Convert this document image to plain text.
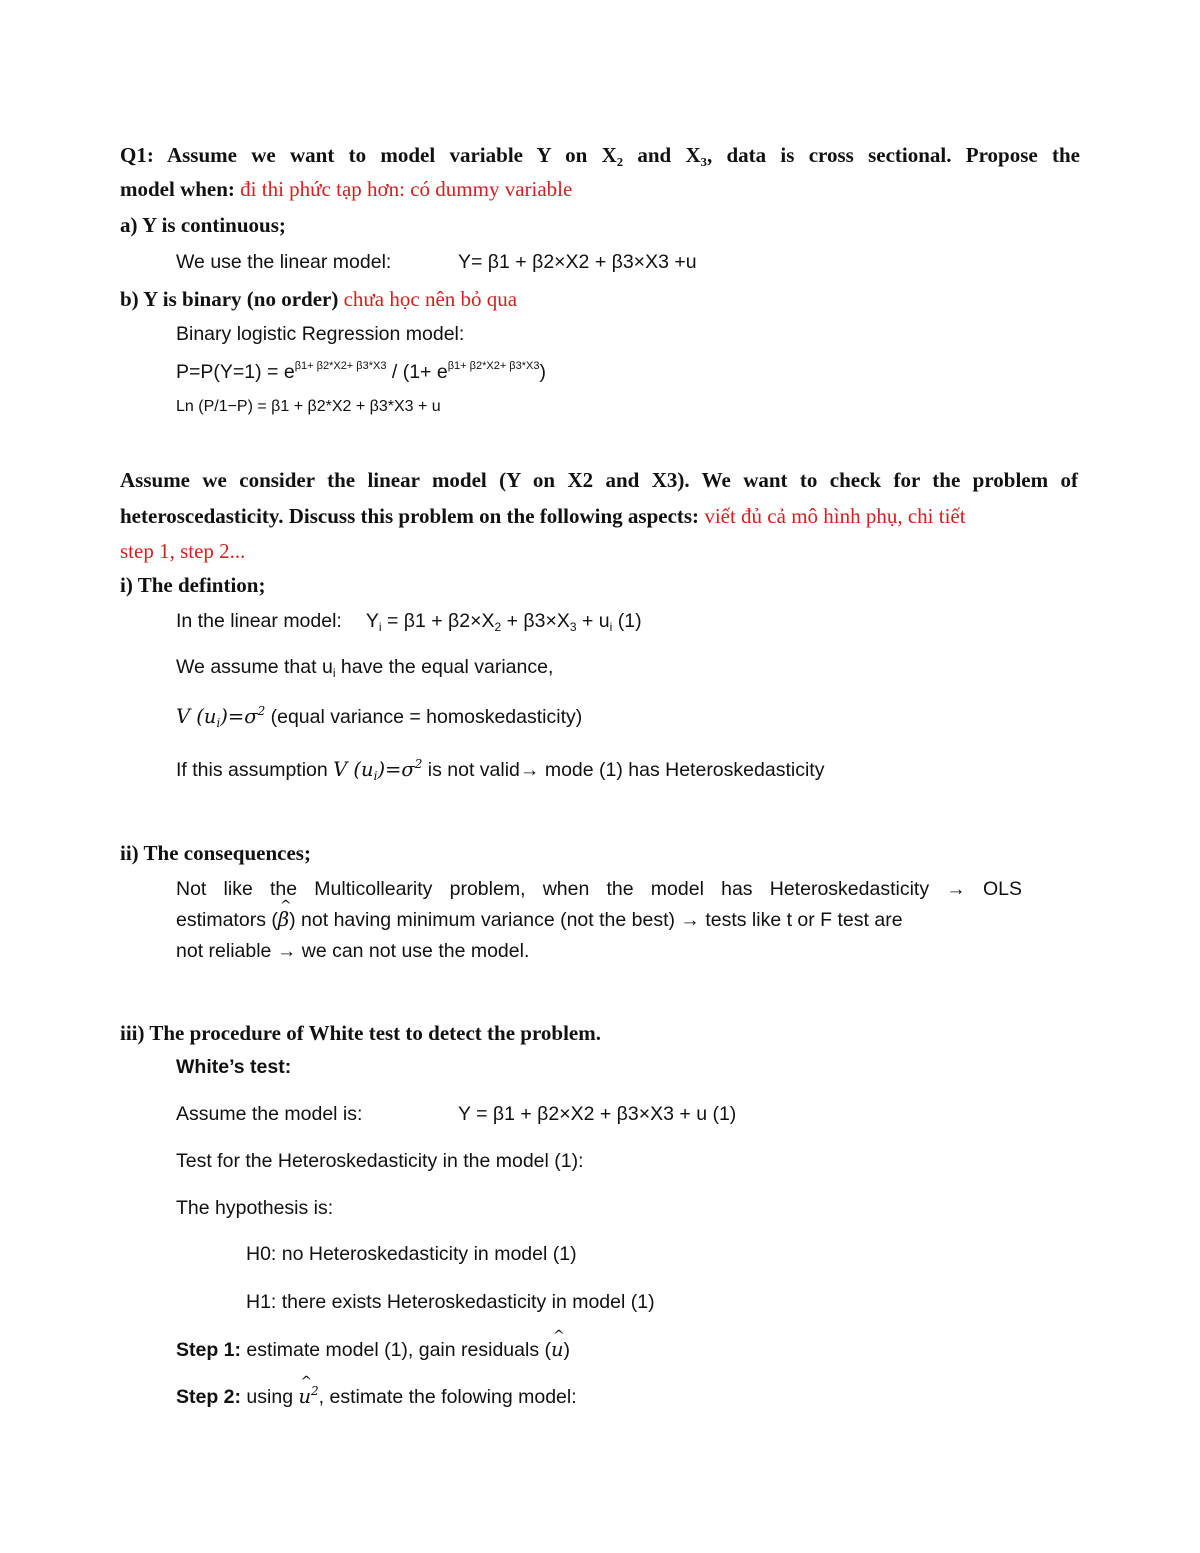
Q1: Assume we want to model variable Y on X₂ and X₃, data is cross sectional. Propose the
model when: đi thi phức tạp hơn: có dummy variable
a) Y is continuous;
We use the linear model:	Y= β1 + β2×X2 + β3×X3 +u
b) Y is binary (no order) chưa học nên bỏ qua
Binary logistic Regression model:
$P=P(Y=1) = e^{\beta 1+ \beta 2*X2+ \beta 3*X3} / (1+ e^{\beta 1+ \beta 2*X2+ \beta 3*X3})$
Ln (P/1−P) = β1 + β2*X2 + β3*X3 + u
Assume we consider the linear model (Y on X2 and X3). We want to check for the problem of
heteroscedasticity. Discuss this problem on the following aspects: viết đủ cả mô hình phụ, chi tiết
step 1, step 2...
i) The defintion;
In the linear model: $Y_i = \beta 1 + \beta 2\times X_2 + \beta 3\times X_3 + u_i$ (1)
We assume that $u_i$ have the equal variance,
V $(u_i)=\sigma^2$ (equal variance = homoskedasticity)
If this assumption V $(u_i)=\sigma^2$ is not valid→ mode (1) has Heteroskedasticity
ii) The consequences;
Not like the Multicollearity problem, when the model has Heteroskedasticity → OLS
estimators (^ β) not having minimum variance (not the best) → tests like t or F test are
not reliable → we can not use the model.
iii) The procedure of White test to detect the problem.
White’s test:
Assume the model is:	Y = β1 + β2×X2 + β3×X3 + u (1)
Test for the Heteroskedasticity in the model (1):
The hypothesis is:
H0: no Heteroskedasticity in model (1)
H1: there exists Heteroskedasticity in model (1)
Step 1: estimate model (1), gain residuals (^ u)
Step 2: using ^ $u^2$, estimate the folowing model:
